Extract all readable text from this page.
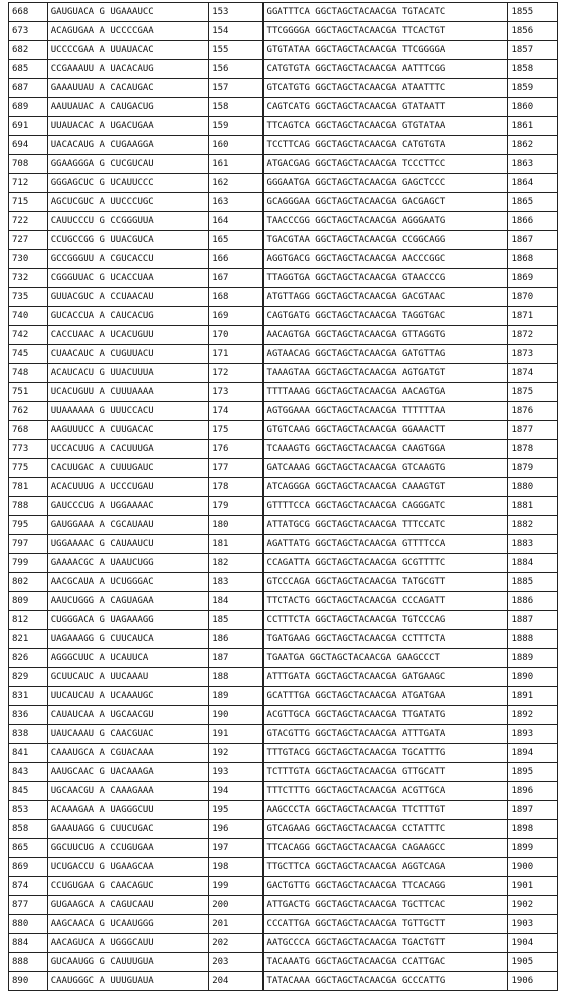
668	GAUGUACA G UGAAAUCC	153	GGATTTCA GGCTAGCTACAACGA TGTACATC	1855
673	ACAGUGAA A UCCCCGAA	154	TTCGGGGA GGCTAGCTACAACGA TTCACTGT	1856
682	UCCCCGAA A UUAUACAC	155	GTGTATAA GGCTAGCTACAACGA TTCGGGGA	1857
685	CCGAAAUU A UACACAUG	156	CATGTGTA GGCTAGCTACAACGA AATTTCGG	1858
687	GAAAUUAU A CACAUGAC	157	GTCATGTG GGCTAGCTACAACGA ATAATTTC	1859
689	AAUUAUAC A CAUGACUG	158	CAGTCATG GGCTAGCTACAACGA GTATAATT	1860
691	UUAUACAC A UGACUGAA	159	TTCAGTCA GGCTAGCTACAACGA GTGTATAA	1861
694	UACACAUG A CUGAAGGA	160	TCCTTCAG GGCTAGCTACAACGA CATGTGTA	1862
708	GGAAGGGA G CUCGUCAU	161	ATGACGAG GGCTAGCTACAACGA TCCCTTCC	1863
712	GGGAGCUC G UCAUUCCC	162	GGGAATGA GGCTAGCTACAACGA GAGCTCCC	1864
715	AGCUCGUC A UUCCCUGC	163	GCAGGGAA GGCTAGCTACAACGA GACGAGCT	1865
722	CAUUCCCU G CCGGGUUA	164	TAACCCGG GGCTAGCTACAACGA AGGGAATG	1866
727	CCUGCCGG G UUACGUCA	165	TGACGTAA GGCTAGCTACAACGA CCGGCAGG	1867
730	GCCGGGUU A CGUCACCU	166	AGGTGACG GGCTAGCTACAACGA AACCCGGC	1868
732	CGGGUUAC G UCACCUAA	167	TTAGGTGA GGCTAGCTACAACGA GTAACCCG	1869
735	GUUACGUC A CCUAACAU	168	ATGTTAGG GGCTAGCTACAACGA GACGTAAC	1870
740	GUCACCUA A CAUCACUG	169	CAGTGATG GGCTAGCTACAACGA TAGGTGAC	1871
742	CACCUAAC A UCACUGUU	170	AACAGTGA GGCTAGCTACAACGA GTTAGGTG	1872
745	CUAACAUC A CUGUUACU	171	AGTAACAG GGCTAGCTACAACGA GATGTTAG	1873
748	ACAUCACU G UUACUUUA	172	TAAAGTAA GGCTAGCTACAACGA AGTGATGT	1874
751	UCACUGUU A CUUUAAAA	173	TTTTAAAG GGCTAGCTACAACGA AACAGTGA	1875
762	UUAAAAAA G UUUCCACU	174	AGTGGAAA GGCTAGCTACAACGA TTTTTTAA	1876
768	AAGUUUCC A CUUGACAC	175	GTGTCAAG GGCTAGCTACAACGA GGAAACTT	1877
773	UCCACUUG A CACUUUGA	176	TCAAAGTG GGCTAGCTACAACGA CAAGTGGA	1878
775	CACUUGAC A CUUUGAUC	177	GATCAAAG GGCTAGCTACAACGA GTCAAGTG	1879
781	ACACUUUG A UCCCUGAU	178	ATCAGGGA GGCTAGCTACAACGA CAAAGTGT	1880
788	GAUCCCUG A UGGAAAAC	179	GTTTTCCA GGCTAGCTACAACGA CAGGGATC	1881
795	GAUGGAAA A CGCAUAAU	180	ATTATGCG GGCTAGCTACAACGA TTTCCATC	1882
797	UGGAAAAC G CAUAAUCU	181	AGATTATG GGCTAGCTACAACGA GTTTTCCA	1883
799	GAAAACGC A UAAUCUGG	182	CCAGATTA GGCTAGCTACAACGA GCGTTTTC	1884
802	AACGCAUA A UCUGGGAC	183	GTCCCAGA GGCTAGCTACAACGA TATGCGTT	1885
809	AAUCUGGG A CAGUAGAA	184	TTCTACTG GGCTAGCTACAACGA CCCAGATT	1886
812	CUGGGACA G UAGAAAGG	185	CCTTTCTA GGCTAGCTACAACGA TGTCCCAG	1887
821	UAGAAAGG G CUUCAUCA	186	TGATGAAG GGCTAGCTACAACGA CCTTTCTA	1888
826	AGGGCUUC A UCAUUCA	187	TGAATGA GGCTAGCTACAACGA GAAGCCCT	1889
829	GCUUCAUC A UUCAAAU	188	ATTTGATA GGCTAGCTACAACGA GATGAAGC	1890
831	UUCAUCAU A UCAAAUGC	189	GCATTTGA GGCTAGCTACAACGA ATGATGAA	1891
836	CAUAUCAA A UGCAACGU	190	ACGTTGCA GGCTAGCTACAACGA TTGATATG	1892
838	UAUCAAAU G CAACGUAC	191	GTACGTTG GGCTAGCTACAACGA ATTTGATA	1893
841	CAAAUGCA A CGUACAAA	192	TTTGTACG GGCTAGCTACAACGA TGCATTTG	1894
843	AAUGCAAC G UACAAAGA	193	TCTTTGTA GGCTAGCTACAACGA GTTGCATT	1895
845	UGCAACGU A CAAAGAAA	194	TTTCTTTG GGCTAGCTACAACGA ACGTTGCA	1896
853	ACAAAGAA A UAGGGCUU	195	AAGCCCTA GGCTAGCTACAACGA TTCTTTGT	1897
858	GAAAUAGG G CUUCUGAC	196	GTCAGAAG GGCTAGCTACAACGA CCTATTTC	1898
865	GGCUUCUG A CCUGUGAA	197	TTCACAGG GGCTAGCTACAACGA CAGAAGCC	1899
869	UCUGACCU G UGAAGCAA	198	TTGCTTCA GGCTAGCTACAACGA AGGTCAGA	1900
874	CCUGUGAA G CAACAGUC	199	GACTGTTG GGCTAGCTACAACGA TTCACAGG	1901
877	GUGAAGCA A CAGUCAAU	200	ATTGACTG GGCTAGCTACAACGA TGCTTCAC	1902
880	AAGCAACA G UCAAUGGG	201	CCCATTGA GGCTAGCTACAACGA TGTTGCTT	1903
884	AACAGUCA A UGGGCAUU	202	AATGCCCA GGCTAGCTACAACGA TGACTGTT	1904
888	GUCAAUGG G CAUUUGUA	203	TACAAATG GGCTAGCTACAACGA CCATTGAC	1905
890	CAAUGGGC A UUUGUAUA	204	TATACAAA GGCTAGCTACAACGA GCCCATTG	1906
